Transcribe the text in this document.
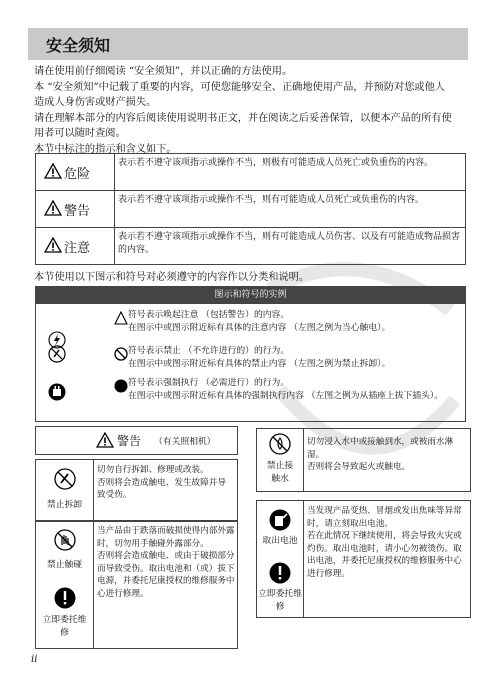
安全须知

请在使用前仔细阅读 “安全须知”，并以正确的方法使用。

本 “安全须知”中记载了重要的内容，可使您能够安全、正确地使用产品，并预防对您或他人造成人身伤害或财产损失。

请在理解本部分的内容后阅读使用说明书正文，并在阅读之后妥善保管，以便本产品的所有使用者可以随时查阅。

本节中标注的指示和含义如下。

危险
表示若不遵守该项指示或操作不当，则极有可能造成人员死亡或负重伤的内容。
警告
表示若不遵守该项指示或操作不当，则有可能造成人员死亡或负重伤的内容。
注意
表示若不遵守该项指示或操作不当，则有可能造成人员伤害、以及有可能造成物品损害的内容。
本节使用以下图示和符号对必须遵守的内容作以分类和说明。
图示和符号的实例
符号表示唤起注意 （包括警告）的内容。
在图示中或图示附近标有具体的注意内容 （左图之例为当心触电）。
符号表示禁止 （不允许进行的）的行为。
在图示中或图示附近标有具体的禁止内容 （左图之例为禁止拆卸）。
符号表示强制执行 （必需进行）的行为。
在图示中或图示附近标有具体的强制执行内容 （左图之例为从插座上拔下插头）。
警告 （有关照相机）
禁止拆卸
切勿自行拆卸、修理或改装。
否则将会造成触电、发生故障并导致受伤。
禁止触碰
立即委托维修
当产品由于跌落而破损使得内部外露时，切勿用手触碰外露部分。
否则将会造成触电、或由于破损部分而导致受伤。取出电池和（或）拔下电源，并委托尼康授权的维修服务中心进行修理。
禁止接触水
切勿浸入水中或接触到水，或被雨水淋湿。
否则将会导致起火或触电。
取出电池
立即委托维修
当发现产品变热、冒烟或发出焦味等异常时，请立刻取出电池。
若在此情况下继续使用，将会导致火灾或灼伤。取出电池时，请小心勿被烫伤。取出电池，并委托尼康授权的维修服务中心进行修理。
ii
